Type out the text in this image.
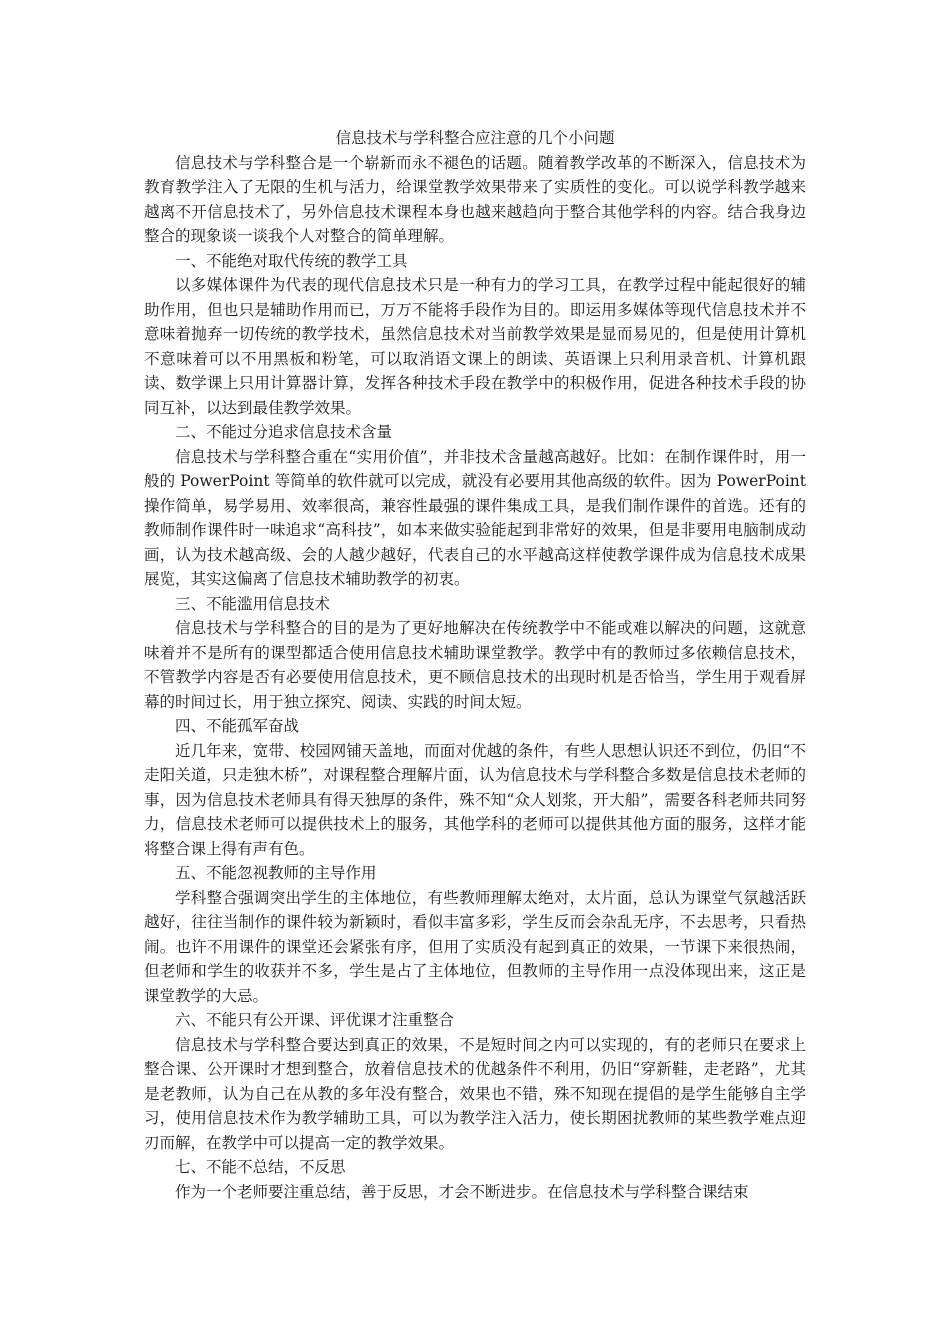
信息技术与学科整合应注意的几个小问题

信息技术与学科整合是一个崭新而永不褪色的话题。随着教学改革的不断深入，信息技术为教育教学注入了无限的生机与活力，给课堂教学效果带来了实质性的变化。可以说学科教学越来越离不开信息技术了，另外信息技术课程本身也越来越趋向于整合其他学科的内容。结合我身边整合的现象谈一谈我个人对整合的简单理解。

一、不能绝对取代传统的教学工具

以多媒体课件为代表的现代信息技术只是一种有力的学习工具，在教学过程中能起很好的辅助作用，但也只是辅助作用而已，万万不能将手段作为目的。即运用多媒体等现代信息技术并不意味着抛弃一切传统的教学技术，虽然信息技术对当前教学效果是显而易见的，但是使用计算机不意味着可以不用黑板和粉笔，可以取消语文课上的朗读、英语课上只利用录音机、计算机跟读、数学课上只用计算器计算，发挥各种技术手段在教学中的积极作用，促进各种技术手段的协同互补，以达到最佳教学效果。

二、不能过分追求信息技术含量

信息技术与学科整合重在“实用价值”，并非技术含量越高越好。比如：在制作课件时，用一般的 PowerPoint 等简单的软件就可以完成，就没有必要用其他高级的软件。因为 PowerPoint 操作简单，易学易用、效率很高，兼容性最强的课件集成工具，是我们制作课件的首选。还有的教师制作课件时一味追求“高科技”，如本来做实验能起到非常好的效果，但是非要用电脑制成动画，认为技术越高级、会的人越少越好，代表自己的水平越高这样使教学课件成为信息技术成果展览，其实这偏离了信息技术辅助教学的初衷。

三、不能滥用信息技术

信息技术与学科整合的目的是为了更好地解决在传统教学中不能或难以解决的问题，这就意味着并不是所有的课型都适合使用信息技术辅助课堂教学。教学中有的教师过多依赖信息技术，不管教学内容是否有必要使用信息技术，更不顾信息技术的出现时机是否恰当，学生用于观看屏幕的时间过长，用于独立探究、阅读、实践的时间太短。

四、不能孤军奋战

近几年来，宽带、校园网铺天盖地，而面对优越的条件，有些人思想认识还不到位，仍旧“不走阳关道，只走独木桥”，对课程整合理解片面，认为信息技术与学科整合多数是信息技术老师的事，因为信息技术老师具有得天独厚的条件，殊不知“众人划浆，开大船”，需要各科老师共同努力，信息技术老师可以提供技术上的服务，其他学科的老师可以提供其他方面的服务，这样才能将整合课上得有声有色。

五、不能忽视教师的主导作用

学科整合强调突出学生的主体地位，有些教师理解太绝对，太片面，总认为课堂气氛越活跃越好，往往当制作的课件较为新颖时，看似丰富多彩，学生反而会杂乱无序，不去思考，只看热闹。也许不用课件的课堂还会紧张有序，但用了实质没有起到真正的效果，一节课下来很热闹，但老师和学生的收获并不多，学生是占了主体地位，但教师的主导作用一点没体现出来，这正是课堂教学的大忌。

六、不能只有公开课、评优课才注重整合

信息技术与学科整合要达到真正的效果，不是短时间之内可以实现的，有的老师只在要求上整合课、公开课时才想到整合，放着信息技术的优越条件不利用，仍旧“穿新鞋，走老路”，尤其是老教师，认为自己在从教的多年没有整合，效果也不错，殊不知现在提倡的是学生能够自主学习，使用信息技术作为教学辅助工具，可以为教学注入活力，使长期困扰教师的某些教学难点迎刃而解，在教学中可以提高一定的教学效果。

七、不能不总结，不反思

作为一个老师要注重总结，善于反思，才会不断进步。在信息技术与学科整合课结束
